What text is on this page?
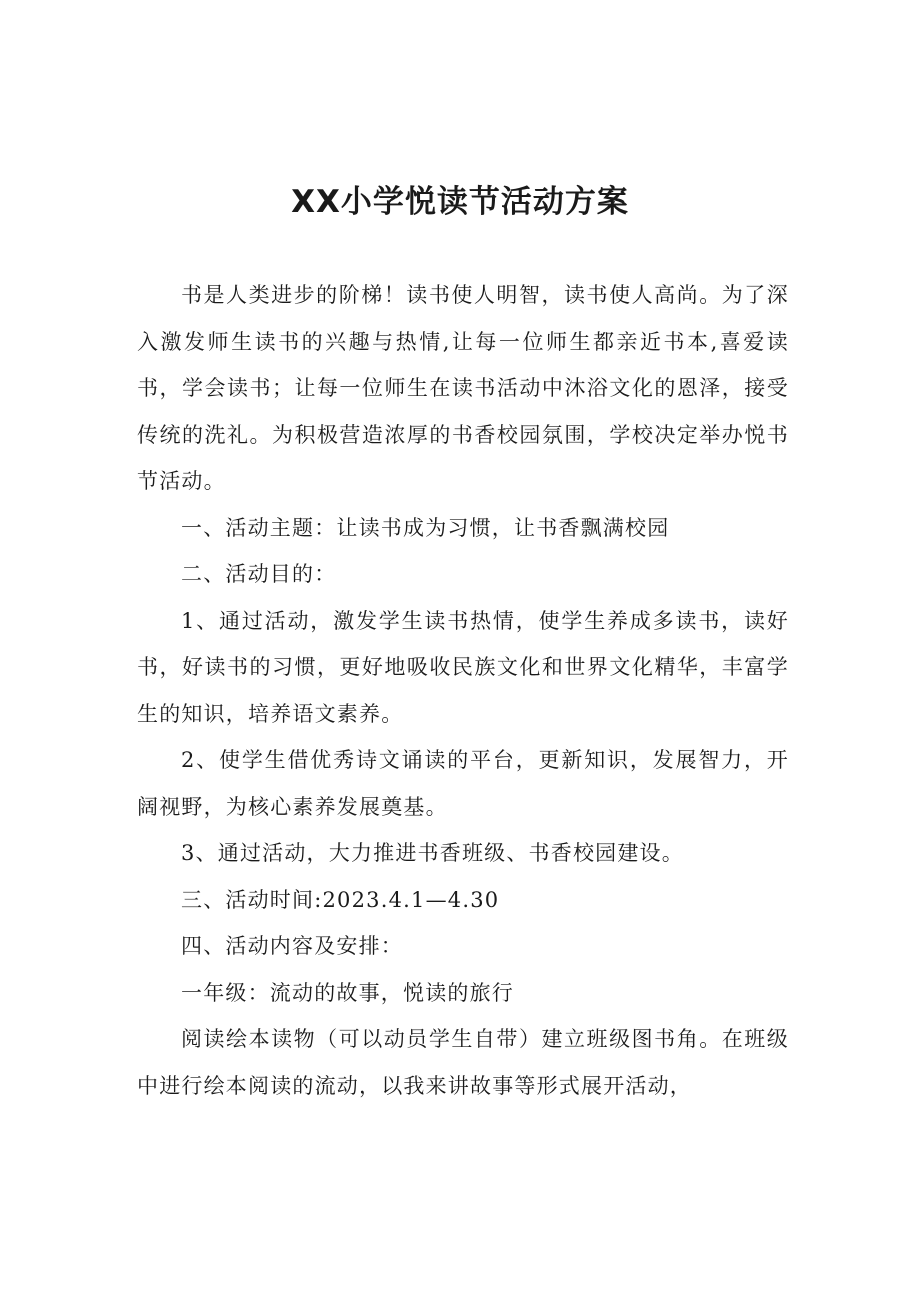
XX小学悦读节活动方案

书是人类进步的阶梯！读书使人明智，读书使人高尚。为了深入激发师生读书的兴趣与热情,让每一位师生都亲近书本,喜爱读书，学会读书；让每一位师生在读书活动中沐浴文化的恩泽，接受传统的洗礼。为积极营造浓厚的书香校园氛围，学校决定举办悦书节活动。

一、活动主题：让读书成为习惯，让书香飘满校园

二、活动目的：

1、通过活动，激发学生读书热情，使学生养成多读书，读好书，好读书的习惯，更好地吸收民族文化和世界文化精华，丰富学生的知识，培养语文素养。

2、使学生借优秀诗文诵读的平台，更新知识，发展智力，开阔视野，为核心素养发展奠基。

3、通过活动，大力推进书香班级、书香校园建设。

三、活动时间:2023.4.1—4.30

四、活动内容及安排：

一年级：流动的故事，悦读的旅行

阅读绘本读物（可以动员学生自带）建立班级图书角。在班级中进行绘本阅读的流动，以我来讲故事等形式展开活动，
